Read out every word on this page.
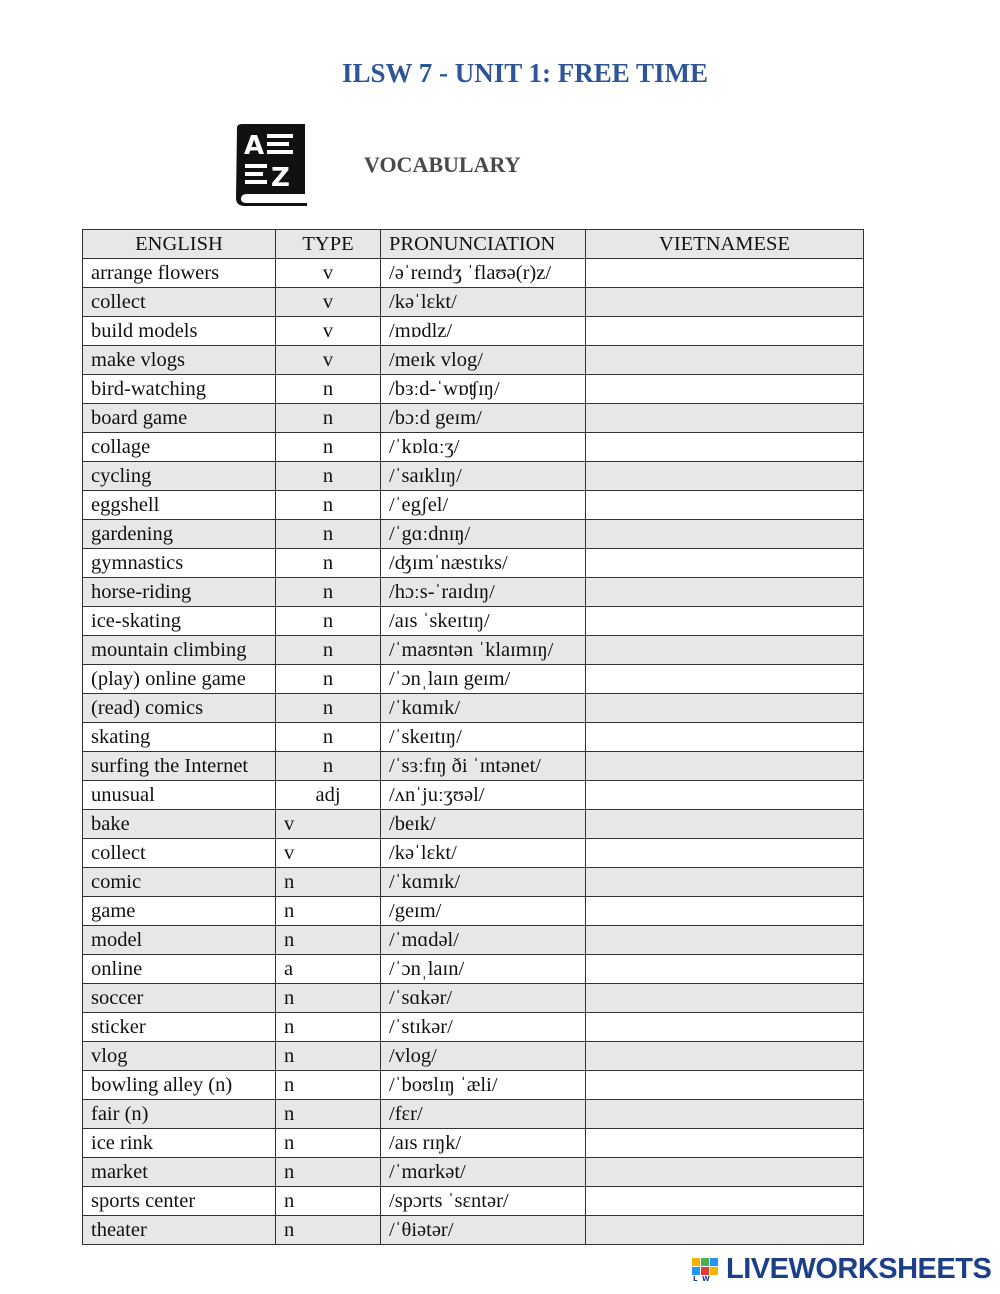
ILSW 7 - UNIT 1: FREE TIME
A
Z	VOCABULARY
ENGLISH	TYPE	PRONUNCIATION	VIETNAMESE
arrange flowers	v	/əˈreɪndʒ ˈflaʊə(r)z/	
collect	v	/kəˈlɛkt/	
build models	v	/mɒdlz/	
make vlogs	v	/meɪk vlog/	
bird-watching	n	/bɜːd-ˈwɒʧɪŋ/	
board game	n	/bɔːd geɪm/	
collage	n	/ˈkɒlɑːʒ/	
cycling	n	/ˈsaɪklɪŋ/	
eggshell	n	/ˈegʃel/	
gardening	n	/ˈgɑːdnɪŋ/	
gymnastics	n	/ʤɪmˈnæstɪks/	
horse-riding	n	/hɔːs-ˈraɪdɪŋ/	
ice-skating	n	/aɪs ˈskeɪtɪŋ/	
mountain climbing	n	/ˈmaʊntən ˈklaɪmɪŋ/	
(play) online game	n	/ˈɔnˌlaɪn geɪm/	
(read) comics	n	/ˈkɑmɪk/	
skating	n	/ˈskeɪtɪŋ/	
surfing the Internet	n	/ˈsɜːfɪŋ ði ˈɪntənet/	
unusual	adj	/ʌnˈjuːʒʊəl/	
bake	v	/beɪk/	
collect	v	/kəˈlɛkt/	
comic	n	/ˈkɑmɪk/	
game	n	/geɪm/	
model	n	/ˈmɑdəl/	
online	a	/ˈɔnˌlaɪn/	
soccer	n	/ˈsɑkər/	
sticker	n	/ˈstɪkər/	
vlog	n	/vlog/	
bowling alley (n)	n	/ˈboʊlɪŋ ˈæli/	
fair (n)	n	/fɛr/	
ice rink	n	/aɪs rɪŋk/	
market	n	/ˈmɑrkət/	
sports center	n	/spɔrts ˈsɛntər/	
theater	n	/ˈθiətər/	
L W LIVEWORKSHEETS
